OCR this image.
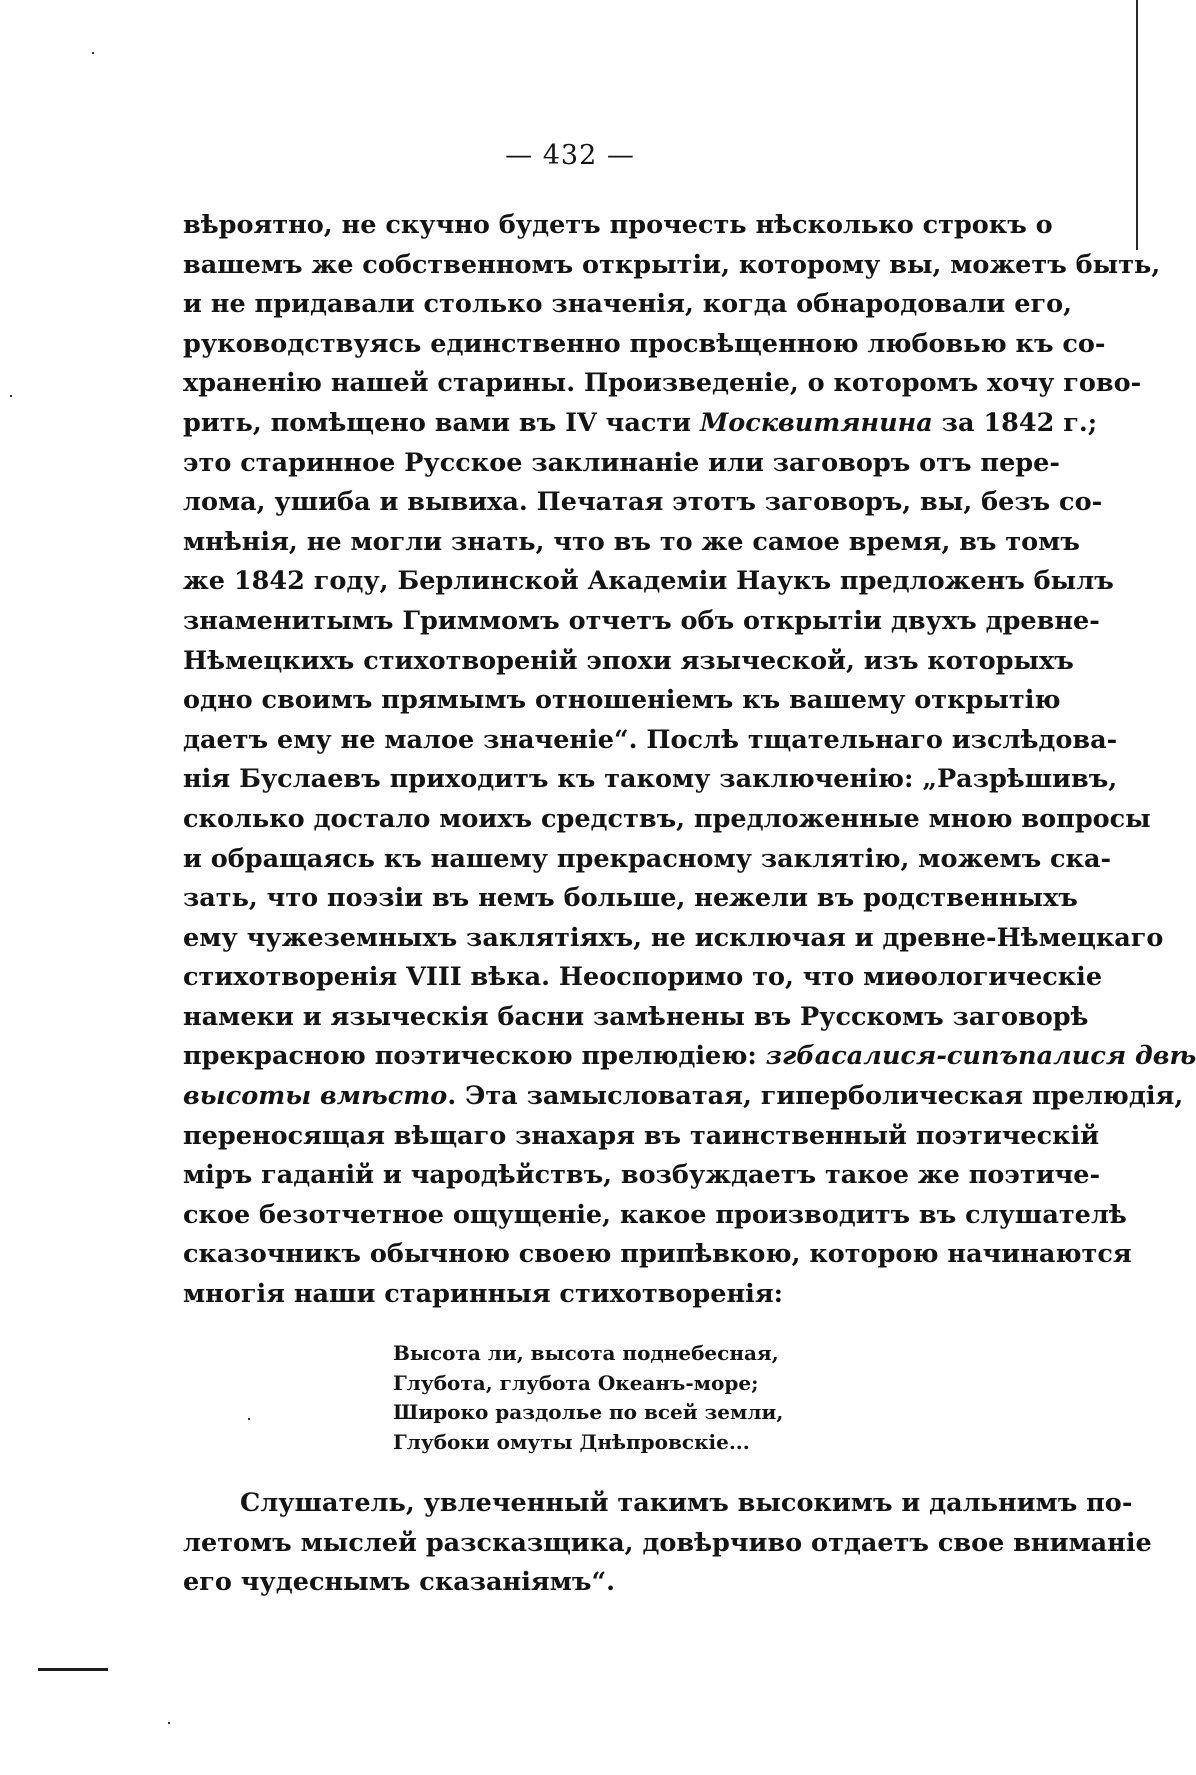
— 432 —
вѣроятно, не скучно будетъ прочесть нѣсколько строкъ о
вашемъ же собственномъ открытіи, которому вы, можетъ быть,
и не придавали столько значенія, когда обнародовали его,
руководствуясь единственно просвѣщенною любовью къ со-
храненію нашей старины. Произведеніе, о которомъ хочу гово-
рить, помѣщено вами въ IV части Москвитянина за 1842 г.;
это старинное Русское заклинаніе или заговоръ отъ пере-
лома, ушиба и вывиха. Печатая этотъ заговоръ, вы, безъ со-
мнѣнія, не могли знать, что въ то же самое время, въ томъ
же 1842 году, Берлинской Академіи Наукъ предложенъ былъ
знаменитымъ Гриммомъ отчетъ объ открытіи двухъ древне-
Нѣмецкихъ стихотвореній эпохи языческой, изъ которыхъ
одно своимъ прямымъ отношеніемъ къ вашему открытію
даетъ ему не малое значеніе“. Послѣ тщательнаго изслѣдова-
нія Буслаевъ приходитъ къ такому заключенію: „Разрѣшивъ,
сколько достало моихъ средствъ, предложенные мною вопросы
и обращаясь къ нашему прекрасному заклятію, можемъ ска-
зать, что поэзіи въ немъ больше, нежели въ родственныхъ
ему чужеземныхъ заклятіяхъ, не исключая и древне-Нѣмецкаго
стихотворенія VIII вѣка. Неоспоримо то, что миѳологическіе
намеки и языческія басни замѣнены въ Русскомъ заговорѣ
прекрасною поэтическою прелюдіею: згбасалися-сипъпалися двѣ
высоты вмѣсто. Эта замысловатая, гиперболическая прелюдія,
переносящая вѣщаго знахаря въ таинственный поэтическій
міръ гаданій и чародѣйствъ, возбуждаетъ такое же поэтиче-
ское безотчетное ощущеніе, какое производитъ въ слушателѣ
сказочникъ обычною своею припѣвкою, которою начинаются
многія наши старинныя стихотворенія:
Высота ли, высота поднебесная,
Глубота, глубота Океанъ-море;
Широко раздолье по всей земли,
Глубоки омуты Днѣпровскіе...
Слушатель, увлеченный такимъ высокимъ и дальнимъ по-
летомъ мыслей разсказщика, довѣрчиво отдаетъ свое вниманіе
его чудеснымъ сказаніямъ“.
